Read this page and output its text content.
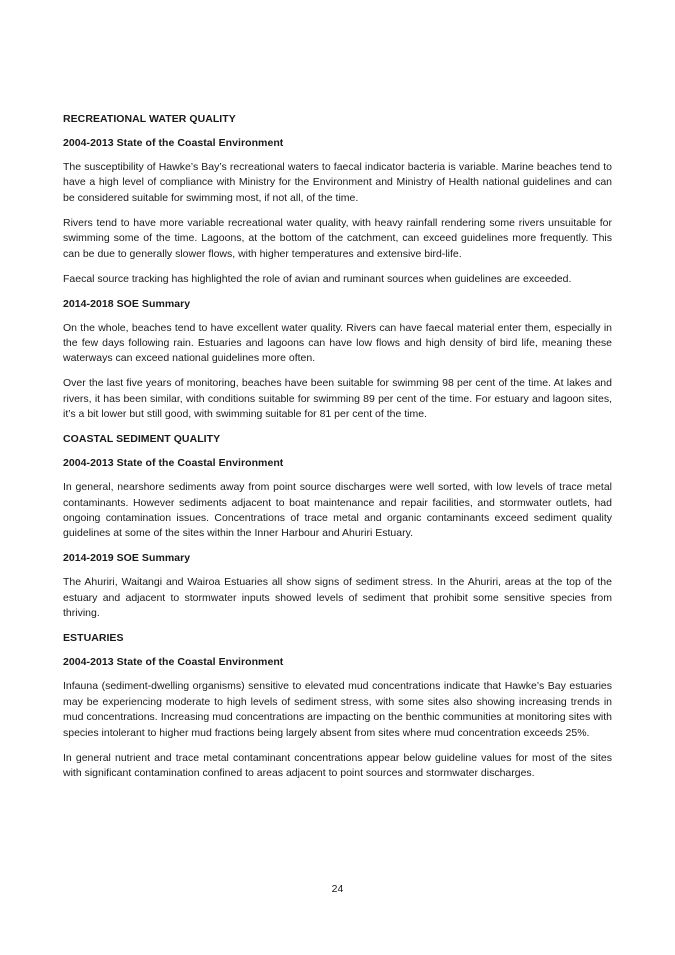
RECREATIONAL WATER QUALITY
2004-2013 State of the Coastal Environment

The susceptibility of Hawke’s Bay’s recreational waters to faecal indicator bacteria is variable. Marine beaches tend to have a high level of compliance with Ministry for the Environment and Ministry of Health national guidelines and can be considered suitable for swimming most, if not all, of the time.

Rivers tend to have more variable recreational water quality, with heavy rainfall rendering some rivers unsuitable for swimming some of the time. Lagoons, at the bottom of the catchment, can exceed guidelines more frequently. This can be due to generally slower flows, with higher temperatures and extensive bird-life.

Faecal source tracking has highlighted the role of avian and ruminant sources when guidelines are exceeded.

2014-2018 SOE Summary

On the whole, beaches tend to have excellent water quality. Rivers can have faecal material enter them, especially in the few days following rain. Estuaries and lagoons can have low flows and high density of bird life, meaning these waterways can exceed national guidelines more often.

Over the last five years of monitoring, beaches have been suitable for swimming 98 per cent of the time. At lakes and rivers, it has been similar, with conditions suitable for swimming 89 per cent of the time. For estuary and lagoon sites, it’s a bit lower but still good, with swimming suitable for 81 per cent of the time.

COASTAL SEDIMENT QUALITY
2004-2013 State of the Coastal Environment

In general, nearshore sediments away from point source discharges were well sorted, with low levels of trace metal contaminants. However sediments adjacent to boat maintenance and repair facilities, and stormwater outlets, had ongoing contamination issues. Concentrations of trace metal and organic contaminants exceed sediment quality guidelines at some of the sites within the Inner Harbour and Ahuriri Estuary.

2014-2019 SOE Summary

The Ahuriri, Waitangi and Wairoa Estuaries all show signs of sediment stress. In the Ahuriri, areas at the top of the estuary and adjacent to stormwater inputs showed levels of sediment that prohibit some sensitive species from thriving.

ESTUARIES
2004-2013 State of the Coastal Environment

Infauna (sediment-dwelling organisms) sensitive to elevated mud concentrations indicate that Hawke’s Bay estuaries may be experiencing moderate to high levels of sediment stress, with some sites also showing increasing trends in mud concentrations. Increasing mud concentrations are impacting on the benthic communities at monitoring sites with species intolerant to higher mud fractions being largely absent from sites where mud concentration exceeds 25%.

In general nutrient and trace metal contaminant concentrations appear below guideline values for most of the sites with significant contamination confined to areas adjacent to point sources and stormwater discharges.

24
